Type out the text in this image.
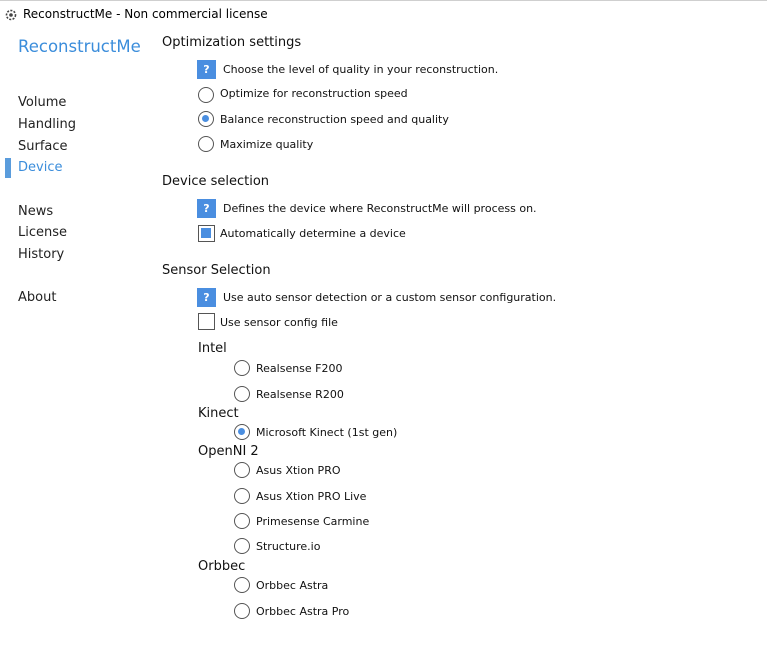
ReconstructMe - Non commercial license
ReconstructMe
Volume
Handling
Surface
Device
News
License
History
About
Optimization settings
?	Choose the level of quality in your reconstruction.
Optimize for reconstruction speed
Balance reconstruction speed and quality
Maximize quality
Device selection
?	Defines the device where ReconstructMe will process on.
Automatically determine a device
Sensor Selection
?	Use auto sensor detection or a custom sensor configuration.
Use sensor config file
Intel
Realsense F200
Realsense R200
Kinect
Microsoft Kinect (1st gen)
OpenNI 2
Asus Xtion PRO
Asus Xtion PRO Live
Primesense Carmine
Structure.io
Orbbec
Orbbec Astra
Orbbec Astra Pro
